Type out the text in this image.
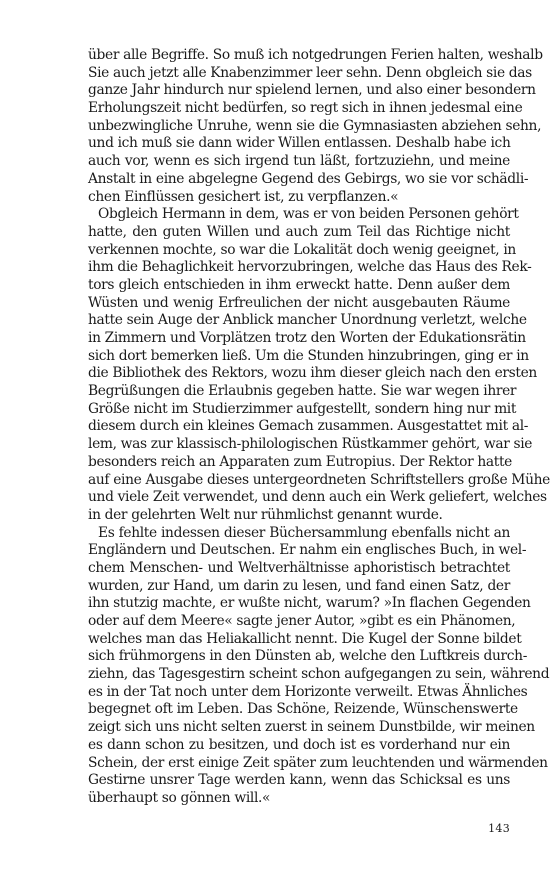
über alle Begriffe. So muß ich notgedrungen Ferien halten, weshalb
Sie auch jetzt alle Knabenzimmer leer sehn. Denn obgleich sie das
ganze Jahr hindurch nur spielend lernen, und also einer besondern
Erholungszeit nicht bedürfen, so regt sich in ihnen jedesmal eine
unbezwingliche Unruhe, wenn sie die Gymnasiasten abziehen sehn,
und ich muß sie dann wider Willen entlassen. Deshalb habe ich
auch vor, wenn es sich irgend tun läßt, fortzuziehn, und meine
Anstalt in eine abgelegne Gegend des Gebirgs, wo sie vor schädli-
chen Einflüssen gesichert ist, zu verpflanzen.«
Obgleich Hermann in dem, was er von beiden Personen gehört
hatte, den guten Willen und auch zum Teil das Richtige nicht
verkennen mochte, so war die Lokalität doch wenig geeignet, in
ihm die Behaglichkeit hervorzubringen, welche das Haus des Rek-
tors gleich entschieden in ihm erweckt hatte. Denn außer dem
Wüsten und wenig Erfreulichen der nicht ausgebauten Räume
hatte sein Auge der Anblick mancher Unordnung verletzt, welche
in Zimmern und Vorplätzen trotz den Worten der Edukationsrätin
sich dort bemerken ließ. Um die Stunden hinzubringen, ging er in
die Bibliothek des Rektors, wozu ihm dieser gleich nach den ersten
Begrüßungen die Erlaubnis gegeben hatte. Sie war wegen ihrer
Größe nicht im Studierzimmer aufgestellt, sondern hing nur mit
diesem durch ein kleines Gemach zusammen. Ausgestattet mit al-
lem, was zur klassisch-philologischen Rüstkammer gehört, war sie
besonders reich an Apparaten zum Eutropius. Der Rektor hatte
auf eine Ausgabe dieses untergeordneten Schriftstellers große Mühe
und viele Zeit verwendet, und denn auch ein Werk geliefert, welches
in der gelehrten Welt nur rühmlichst genannt wurde.
Es fehlte indessen dieser Büchersammlung ebenfalls nicht an
Engländern und Deutschen. Er nahm ein englisches Buch, in wel-
chem Menschen- und Weltverhältnisse aphoristisch betrachtet
wurden, zur Hand, um darin zu lesen, und fand einen Satz, der
ihn stutzig machte, er wußte nicht, warum? »In flachen Gegenden
oder auf dem Meere« sagte jener Autor, »gibt es ein Phänomen,
welches man das Heliakallicht nennt. Die Kugel der Sonne bildet
sich frühmorgens in den Dünsten ab, welche den Luftkreis durch-
ziehn, das Tagesgestirn scheint schon aufgegangen zu sein, während
es in der Tat noch unter dem Horizonte verweilt. Etwas Ähnliches
begegnet oft im Leben. Das Schöne, Reizende, Wünschenswerte
zeigt sich uns nicht selten zuerst in seinem Dunstbilde, wir meinen
es dann schon zu besitzen, und doch ist es vorderhand nur ein
Schein, der erst einige Zeit später zum leuchtenden und wärmenden
Gestirne unsrer Tage werden kann, wenn das Schicksal es uns
überhaupt so gönnen will.«
143
